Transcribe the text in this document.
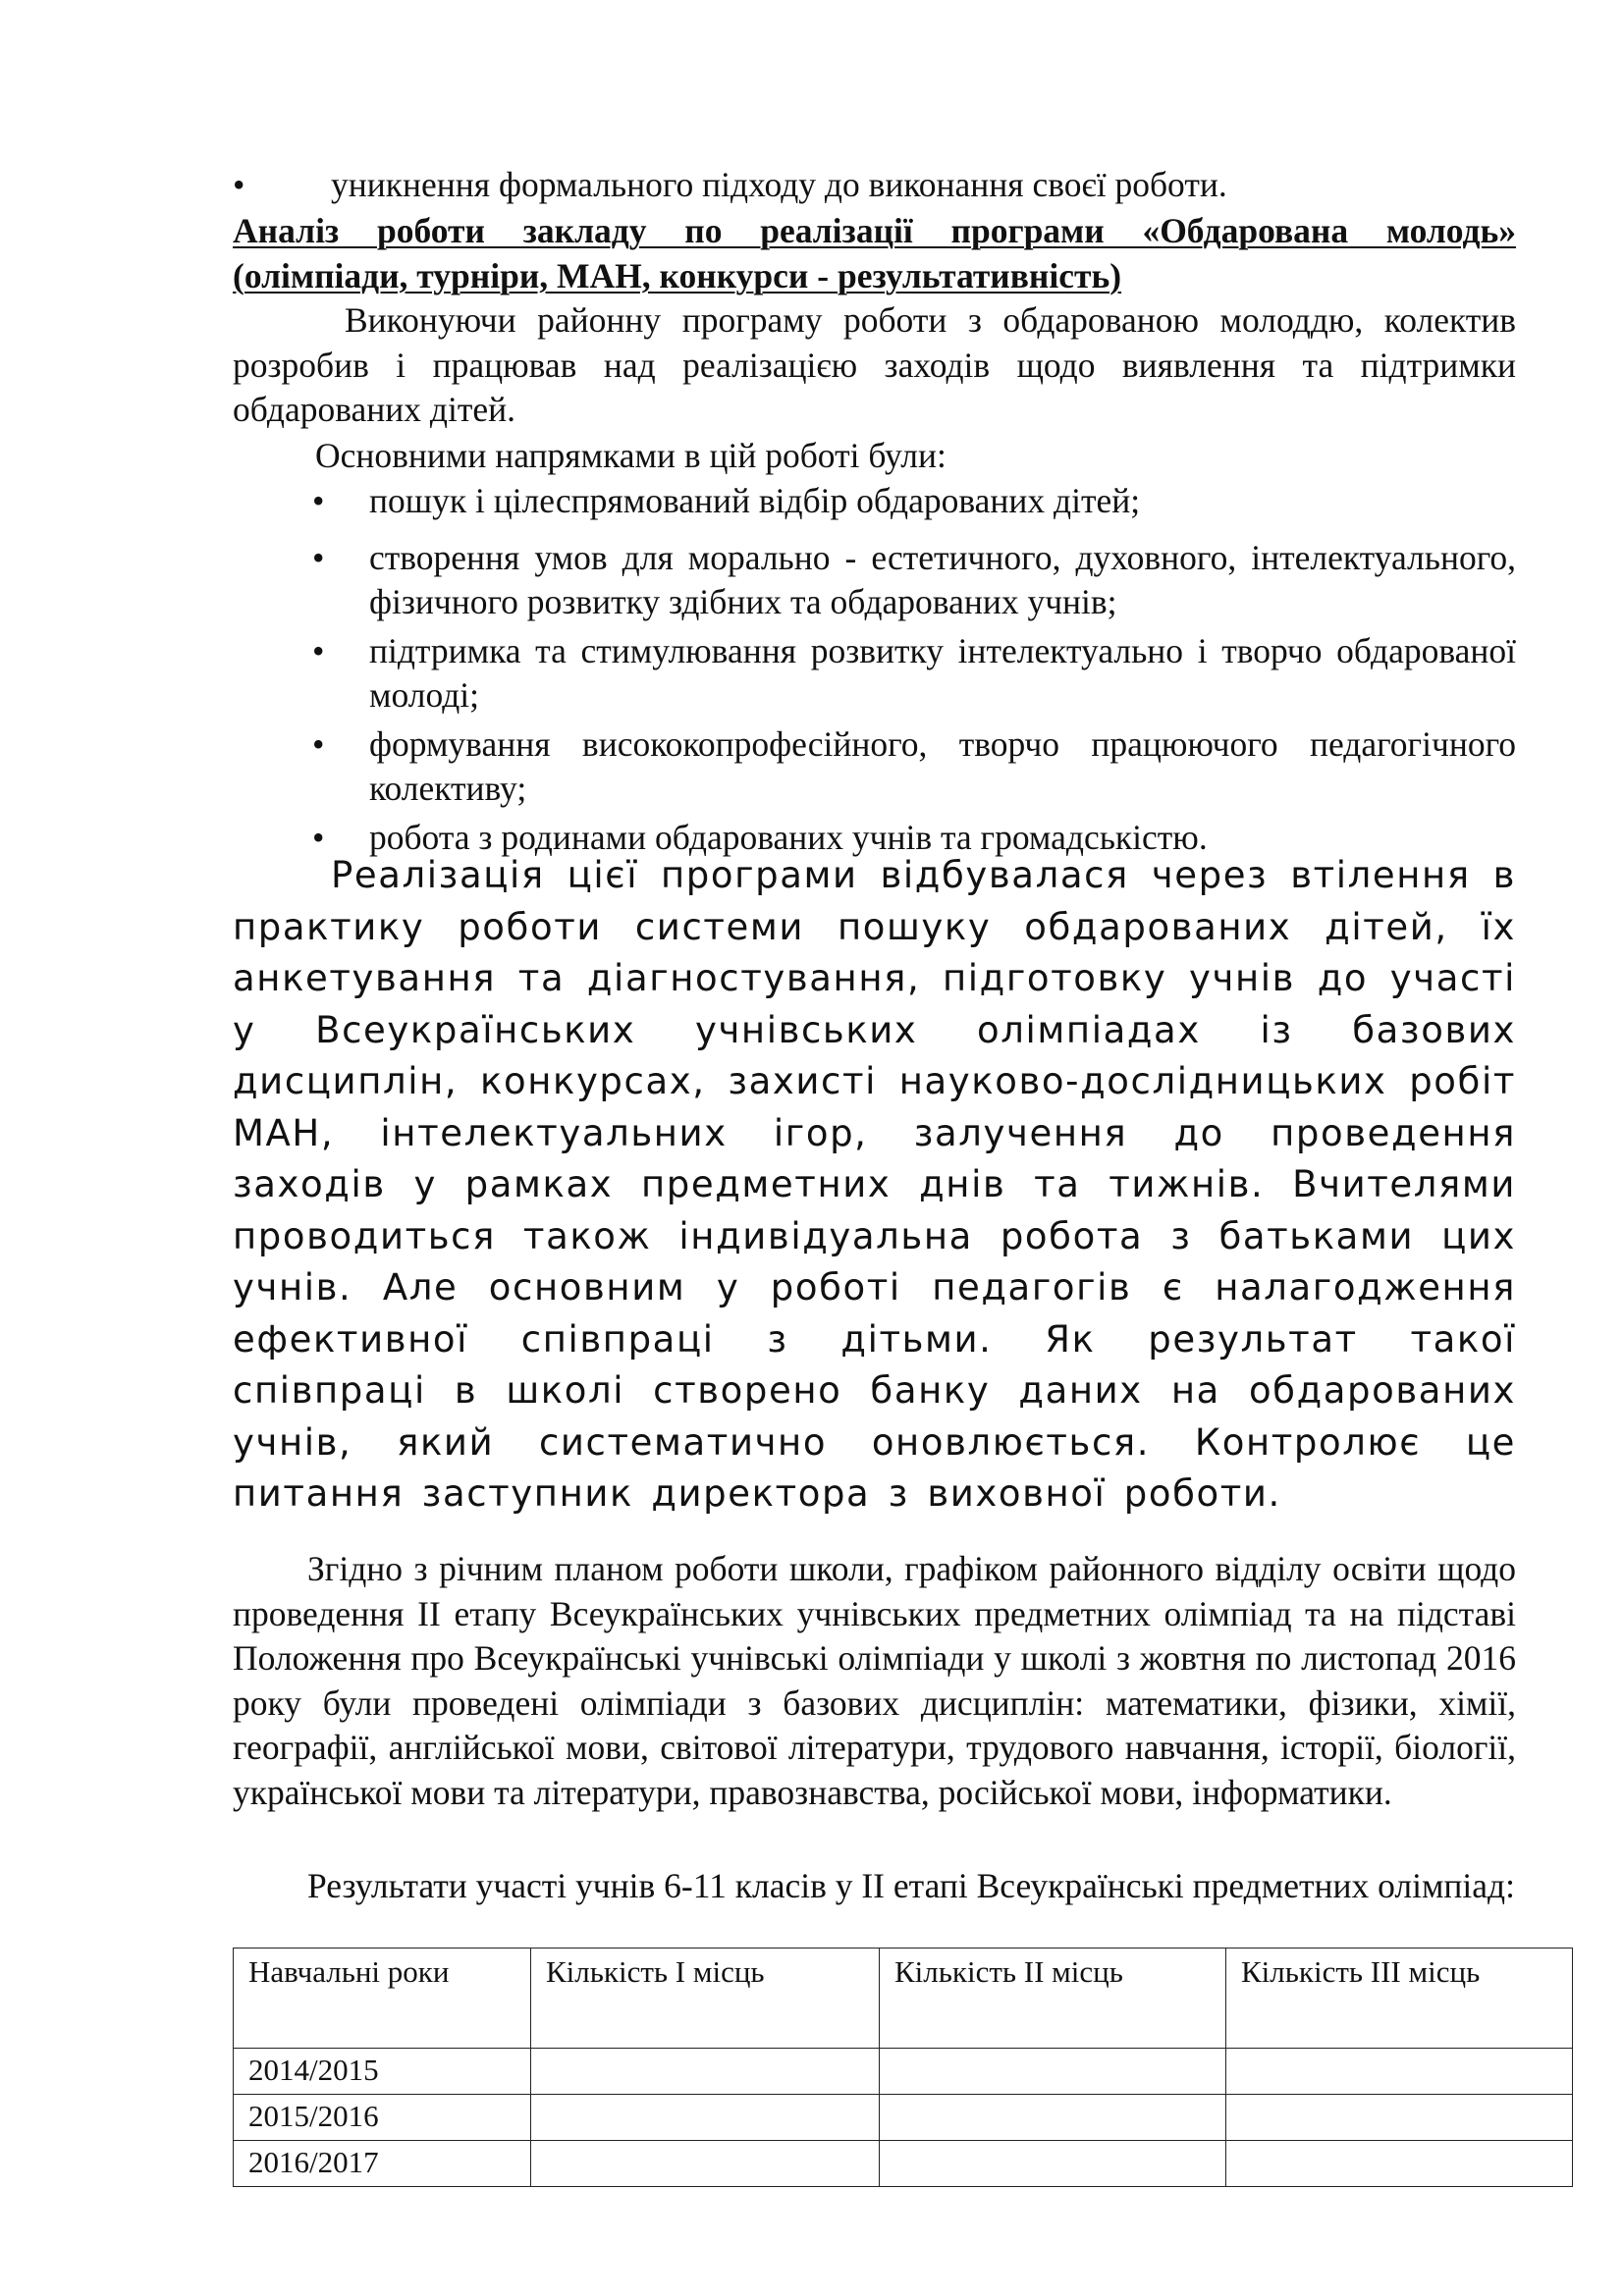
• уникнення формального підходу до виконання своєї роботи.
Аналіз роботи закладу по реалізації програми «Обдарована молодь»
(олімпіади, турніри, МАН, конкурси - результативність)

Виконуючи районну програму роботи з обдарованою молоддю, колектив розробив і працював над реалізацією заходів щодо виявлення та підтримки обдарованих дітей.

Основними напрямками в цій роботі були:

• пошук і цілеспрямований відбір обдарованих дітей;
• створення умов для морально - естетичного, духовного, інтелектуального, фізичного розвитку здібних та обдарованих учнів;
• підтримка та стимулювання розвитку інтелектуально і творчо обдарованої молоді;
• формування висококопрофесійного, творчо працюючого педагогічного колективу;
• робота з родинами обдарованих учнів та громадськістю.

Реалізація цієї програми відбувалася через втілення в практику роботи системи пошуку обдарованих дітей, їх анкетування та діагностування, підготовку учнів до участі у Всеукраїнських учнівських олімпіадах із базових дисциплін, конкурсах, захисті науково-дослідницьких робіт МАН, інтелектуальних ігор, залучення до проведення заходів у рамках предметних днів та тижнів. Вчителями проводиться також індивідуальна робота з батьками цих учнів. Але основним у роботі педагогів є налагодження ефективної співпраці з дітьми. Як результат такої співпраці в школі створено банку даних на обдарованих учнів, який систематично оновлюється. Контролює це питання заступник директора з виховної роботи.

Згідно з річним планом роботи школи, графіком районного відділу освіти щодо проведення ІІ етапу Всеукраїнських учнівських предметних олімпіад та на підставі Положення про Всеукраїнські учнівські олімпіади у школі з жовтня по листопад 2016 року були проведені олімпіади з базових дисциплін: математики, фізики, хімії, географії, англійської мови, світової літератури, трудового навчання, історії, біології, української мови та літератури, правознавства, російської мови, інформатики.

Результати участі учнів 6-11 класів у ІІ етапі Всеукраїнські предметних олімпіад:

Навчальні роки	Кількість І місць	Кількість ІІ місць	Кількість ІІІ місць
2014/2015			
2015/2016			
2016/2017			
